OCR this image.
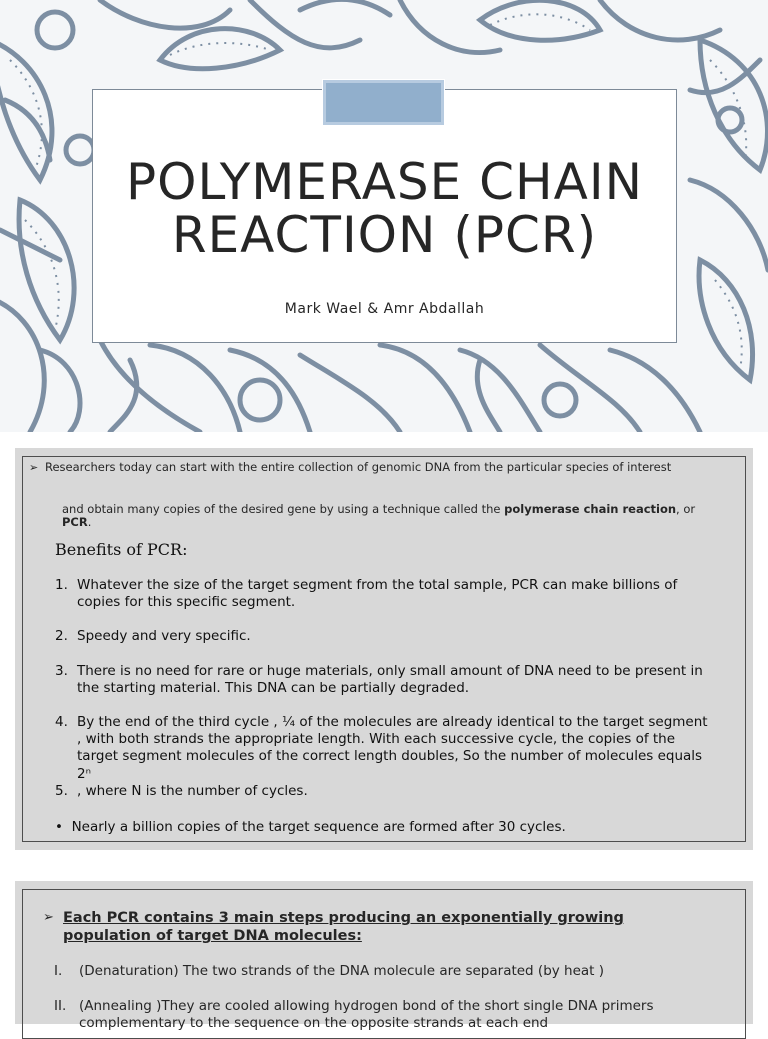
POLYMERASE CHAIN
REACTION (PCR)
Mark Wael & Amr Abdallah
➢ Researchers today can start with the entire collection of genomic DNA from the particular species of interest
and obtain many copies of the desired gene by using a technique called the polymerase chain reaction, or PCR.
Benefits of PCR:
1. Whatever the size of the target segment from the total sample, PCR can make billions of copies for this specific segment.
2. Speedy and very specific.
3. There is no need for rare or huge materials, only small amount of DNA need to be present in the starting material. This DNA can be partially degraded.
4. By the end of the third cycle , ¼ of the molecules are already identical to the target segment , with both strands the appropriate length. With each successive cycle, the copies of the target segment molecules of the correct length doubles, So the number of molecules equals 2ⁿ
5. , where N is the number of cycles.
• Nearly a billion copies of the target sequence are formed after 30 cycles.
➢ Each PCR contains 3 main steps producing an exponentially growing population of target DNA molecules:
I. (Denaturation) The two strands of the DNA molecule are separated (by heat )
II. (Annealing )They are cooled allowing hydrogen bond of the short single DNA primers complementary to the sequence on the opposite strands at each end
